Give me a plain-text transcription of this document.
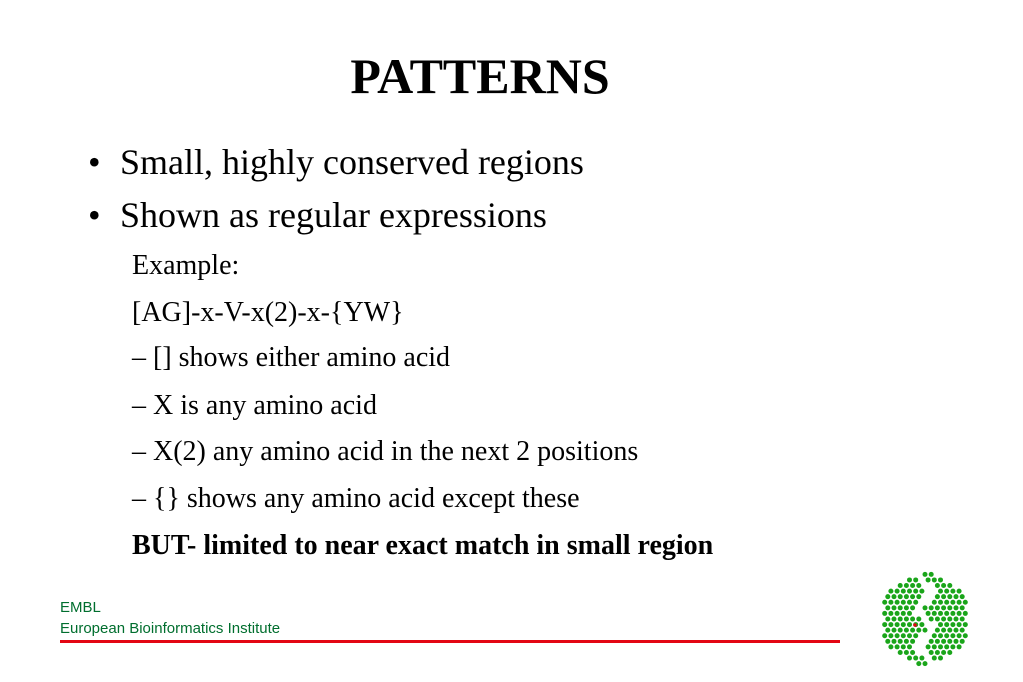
PATTERNS
• Small, highly conserved regions
• Shown as regular expressions
Example:
[AG]-x-V-x(2)-x-{YW}
– [] shows either amino acid
– X is any amino acid
– X(2) any amino acid in the next 2 positions
– {} shows any amino acid except these
BUT- limited to near exact match in small region
EMBL
European Bioinformatics Institute
